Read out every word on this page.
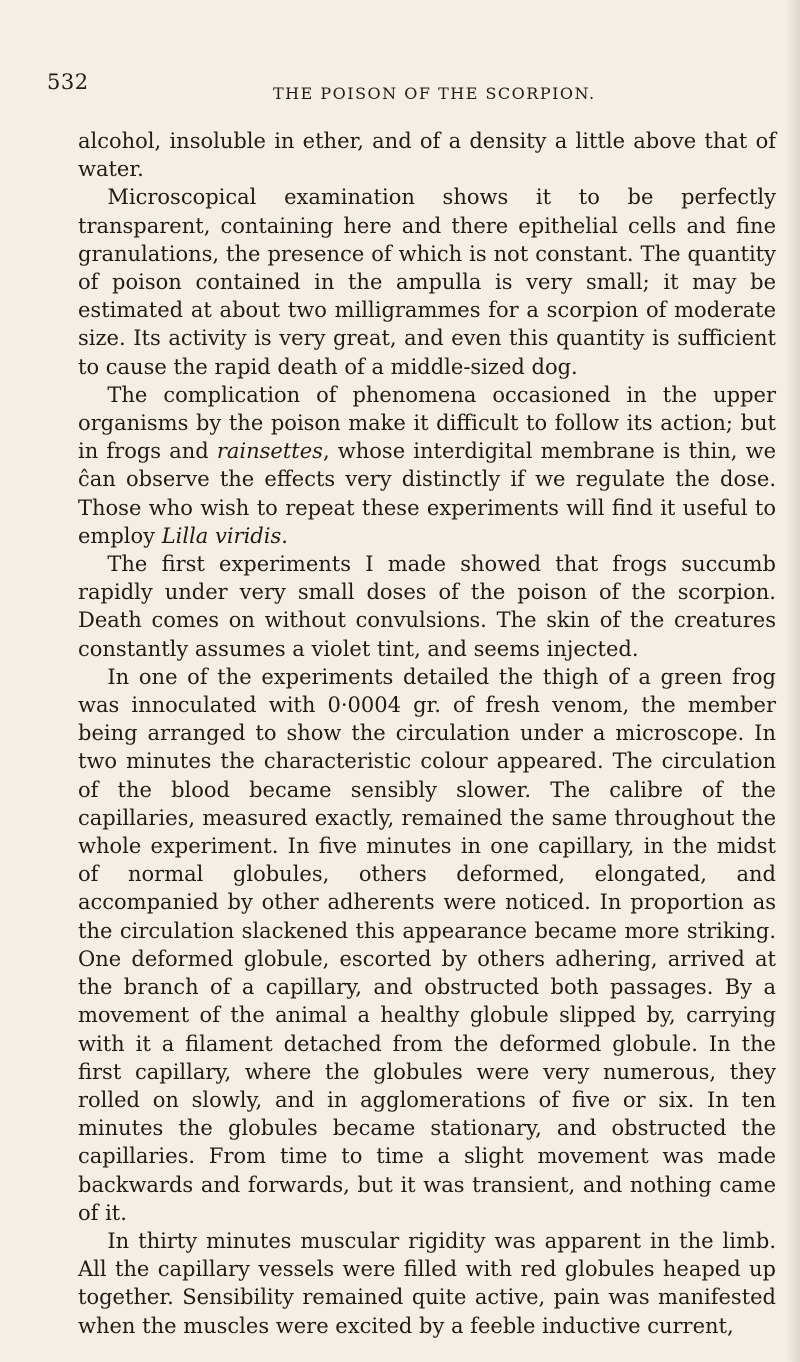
532	THE POISON OF THE SCORPION.

alcohol, insoluble in ether, and of a density a little above that of water.

Microscopical examination shows it to be perfectly transparent, containing here and there epithelial cells and fine granulations, the presence of which is not constant. The quantity of poison contained in the ampulla is very small; it may be estimated at about two milligrammes for a scorpion of moderate size. Its activity is very great, and even this quantity is sufficient to cause the rapid death of a middle-sized dog.

The complication of phenomena occasioned in the upper organisms by the poison make it difficult to follow its action; but in frogs and rainsettes, whose interdigital membrane is thin, we ĉan observe the effects very distinctly if we regulate the dose. Those who wish to repeat these experiments will find it useful to employ Lilla viridis.

The first experiments I made showed that frogs succumb rapidly under very small doses of the poison of the scorpion. Death comes on without convulsions. The skin of the creatures constantly assumes a violet tint, and seems injected.

In one of the experiments detailed the thigh of a green frog was innoculated with 0·0004 gr. of fresh venom, the member being arranged to show the circulation under a microscope. In two minutes the characteristic colour appeared. The circulation of the blood became sensibly slower. The calibre of the capillaries, measured exactly, remained the same throughout the whole experiment. In five minutes in one capillary, in the midst of normal globules, others deformed, elongated, and accompanied by other adherents were noticed. In proportion as the circulation slackened this appearance became more striking. One deformed globule, escorted by others adhering, arrived at the branch of a capillary, and obstructed both passages. By a movement of the animal a healthy globule slipped by, carrying with it a filament detached from the deformed globule. In the first capillary, where the globules were very numerous, they rolled on slowly, and in agglomerations of five or six. In ten minutes the globules became stationary, and obstructed the capillaries. From time to time a slight movement was made backwards and forwards, but it was transient, and nothing came of it.

In thirty minutes muscular rigidity was apparent in the limb. All the capillary vessels were filled with red globules heaped up together. Sensibility remained quite active, pain was manifested when the muscles were excited by a feeble inductive current,
